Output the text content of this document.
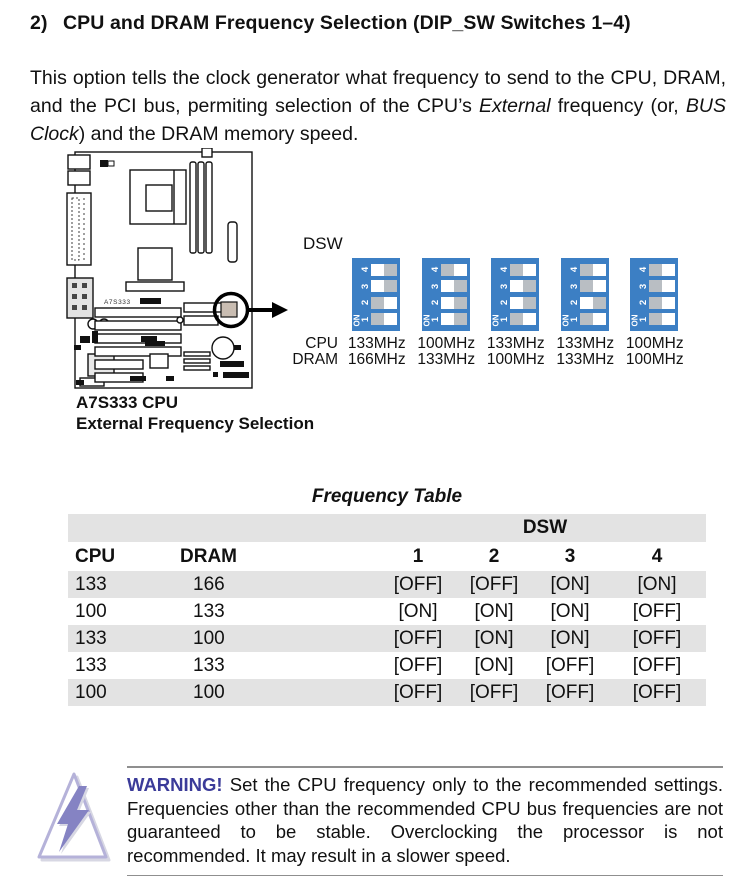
2) CPU and DRAM Frequency Selection (DIP_SW Switches 1–4)

This option tells the clock generator what frequency to send to the CPU, DRAM, and the PCI bus, permiting selection of the CPU’s External frequency (or, BUS Clock) and the DRAM memory speed.

A7S333
A7S333 CPU
External Frequency Selection
DSW
ON
4
3
2
1	ON
4
3
2
1	ON
4
3
2
1	ON
4
3
2
1	ON
4
3
2
1
CPU 133MHz 100MHz 133MHz 133MHz 100MHz
DRAM 166MHz 133MHz 100MHz 133MHz 100MHz
Frequency Table
DSW
CPU	DRAM	1	2	3	4
133	166	[OFF]	[OFF]	[ON]	[ON]
100	133	[ON]	[ON]	[ON]	[OFF]
133	100	[OFF]	[ON]	[ON]	[OFF]
133	133	[OFF]	[ON]	[OFF]	[OFF]
100	100	[OFF]	[OFF]	[OFF]	[OFF]
WARNING! Set the CPU frequency only to the recommended settings. Frequencies other than the recommended CPU bus frequencies are not guaranteed to be stable. Overclocking the processor is not recommended. It may result in a slower speed.
